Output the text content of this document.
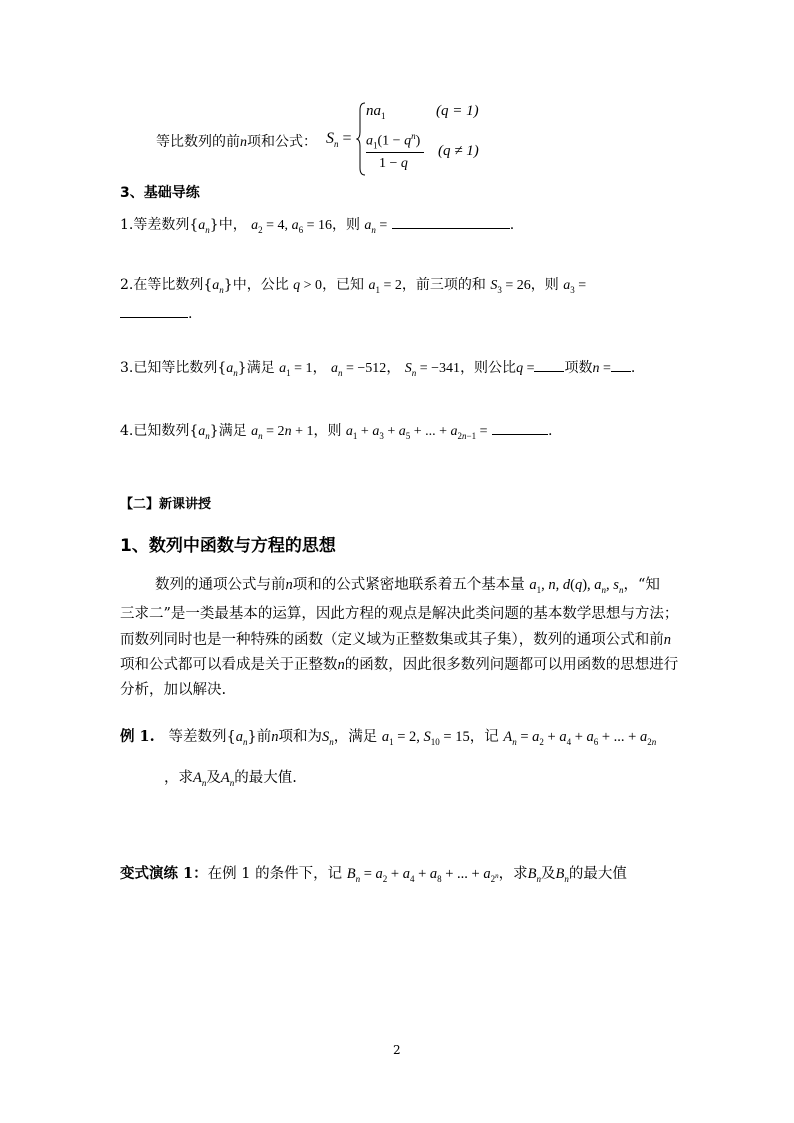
等比数列的前n项和公式： $S_n$ =
$na_1$	(q = 1)
$a_1(1 - q^n)$
1 − q
(q ≠ 1)
3、基础导练
1.等差数列$\{a_n\}$中， $a_2 = 4$, $a_6 = 16$，则 $a_n$ =	.
2.在等比数列$\{a_n\}$中，公比 q > 0，已知 $a_1 = 2$，前三项的和 $S_3 = 26$，则 $a_3$ =
.
3.已知等比数列$\{a_n\}$满足 $a_1 = 1$， $a_n = -512$， $S_n = -341$，则公比q = 项数n = .
4.已知数列$\{a_n\}$满足 $a_n = 2n + 1$，则 $a_1 + a_3 + a_5$ + ... + $a_{2n-1}$ =	.
【二】新课讲授
1、数列中函数与方程的思想
数列的通项公式与前n项和的公式紧密地联系着五个基本量 $a_1$, n, d(q), $a_n$, $s_n$，“知
三求二”是一类最基本的运算，因此方程的观点是解决此类问题的基本数学思想与方法；
而数列同时也是一种特殊的函数（定义域为正整数集或其子集），数列的通项公式和前n
项和公式都可以看成是关于正整数n的函数，因此很多数列问题都可以用函数的思想进行
分析，加以解决.
例 1. 等差数列$\{a_n\}$前n项和为$S_n$，满足 $a_1 = 2$, $S_{10} = 15$，记 $A_n = a_2 + a_4 + a_6$ + ... + $a_{2n}$
，求$A_n$及$A_n$的最大值.
变式演练 1：在例 1 的条件下，记 $B_n = a_2 + a_4 + a_8$ + ... + $a_{2^n}$，求$B_n$及$B_n$的最大值
2
